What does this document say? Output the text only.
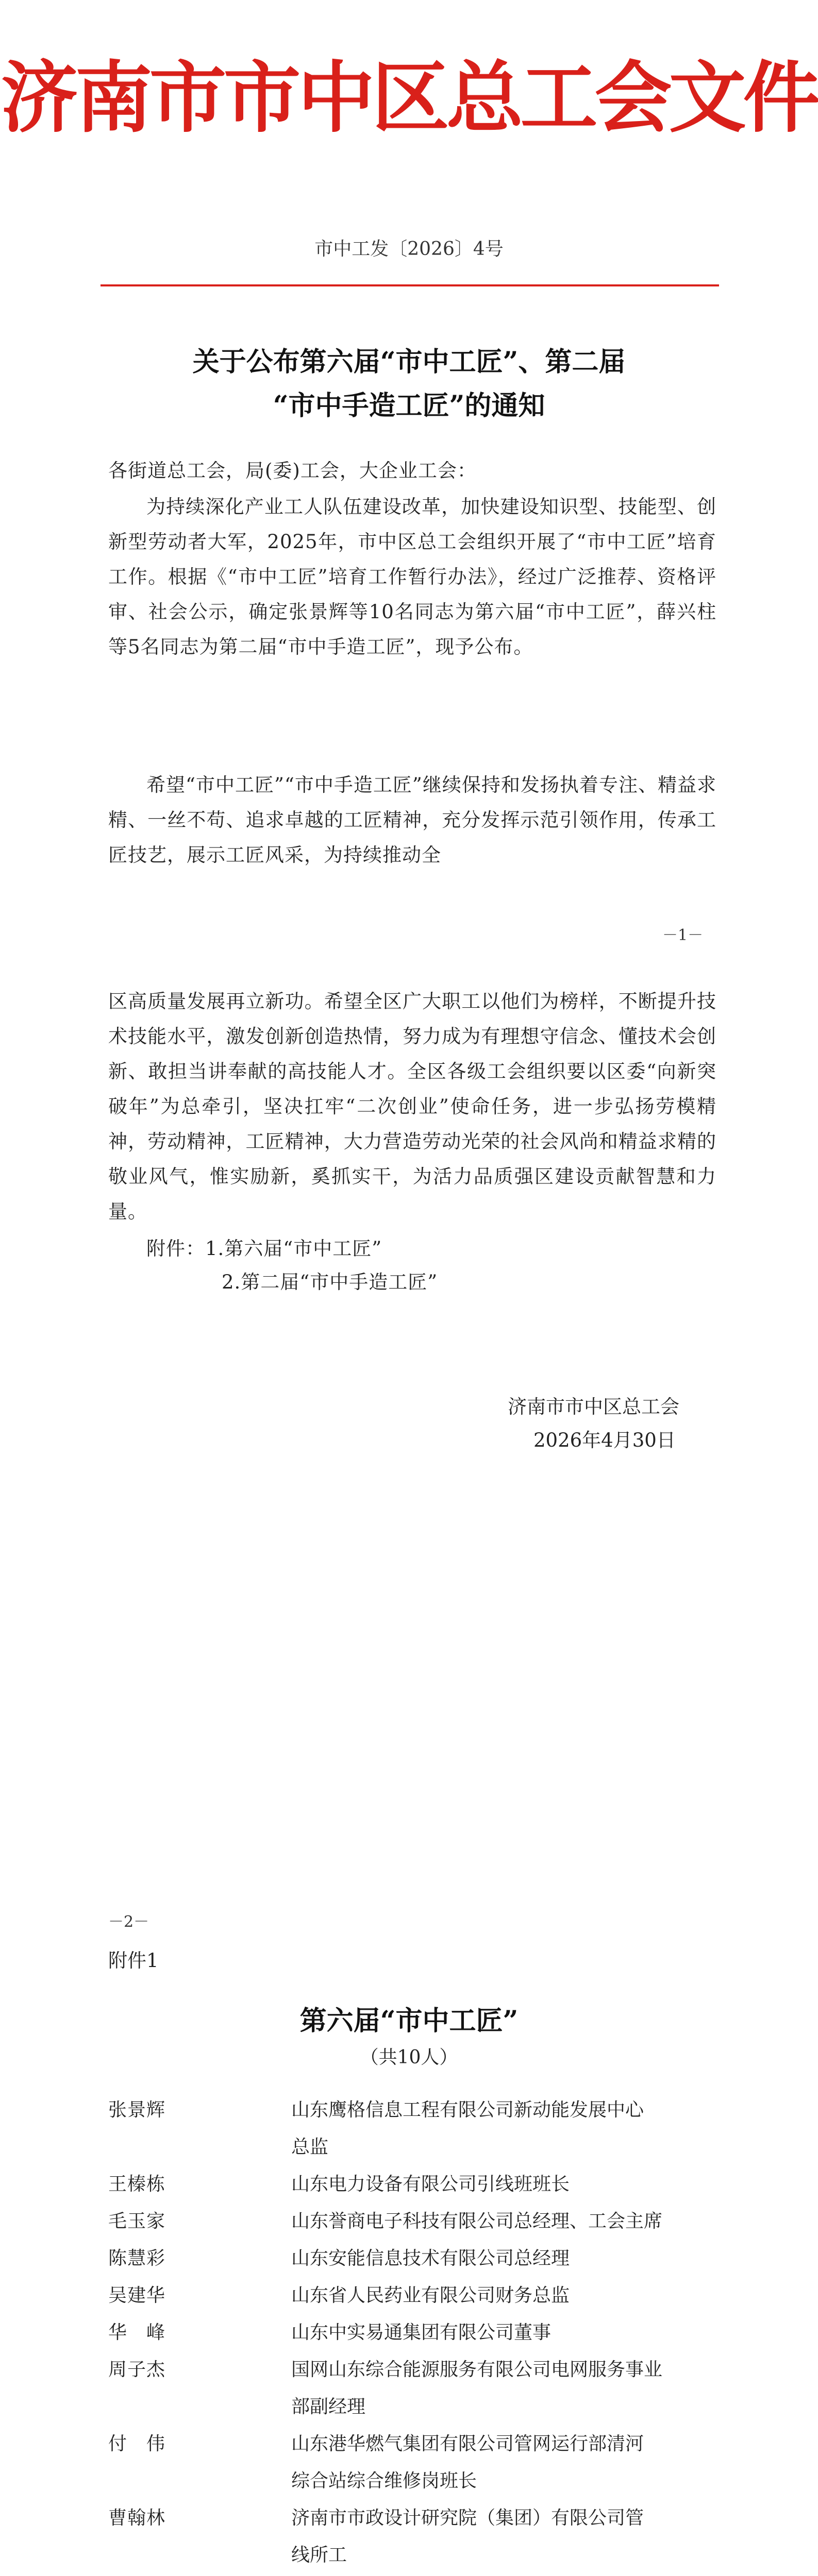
济南市市中区总工会文件
市中工发〔2026〕4号
关于公布第六届“市中工匠”、第二届
“市中手造工匠”的通知
各街道总工会，局(委)工会，大企业工会：
为持续深化产业工人队伍建设改革，加快建设知识型、技能型、创新型劳动者大军，2025年，市中区总工会组织开展了“市中工匠”培育工作。根据《“市中工匠”培育工作暂行办法》，经过广泛推荐、资格评审、社会公示，确定张景辉等10名同志为第六届“市中工匠”，薛兴柱等5名同志为第二届“市中手造工匠”，现予公布。
希望“市中工匠”“市中手造工匠”继续保持和发扬执着专注、精益求精、一丝不苟、追求卓越的工匠精神，充分发挥示范引领作用，传承工匠技艺，展示工匠风采，为持续推动全
－1－
区高质量发展再立新功。希望全区广大职工以他们为榜样，不断提升技术技能水平，激发创新创造热情，努力成为有理想守信念、懂技术会创新、敢担当讲奉献的高技能人才。全区各级工会组织要以区委“向新突破年”为总牵引，坚决扛牢“二次创业”使命任务，进一步弘扬劳模精神，劳动精神，工匠精神，大力营造劳动光荣的社会风尚和精益求精的敬业风气，惟实励新，奚抓实干，为活力品质强区建设贡献智慧和力量。
附件：1.第六届“市中工匠”
2.第二届“市中手造工匠”
济南市市中区总工会
2026年4月30日
－2－
附件1
第六届“市中工匠”
（共10人）
张景辉	山东鹰格信息工程有限公司新动能发展中心
总监
王榛栋	山东电力设备有限公司引线班班长
毛玉家	山东誉商电子科技有限公司总经理、工会主席
陈慧彩	山东安能信息技术有限公司总经理
吴建华	山东省人民药业有限公司财务总监
华　峰	山东中实易通集团有限公司董事
周子杰	国网山东综合能源服务有限公司电网服务事业
部副经理
付　伟	山东港华燃气集团有限公司管网运行部清河
综合站综合维修岗班长
曹翰林	济南市市政设计研究院（集团）有限公司管
线所工
